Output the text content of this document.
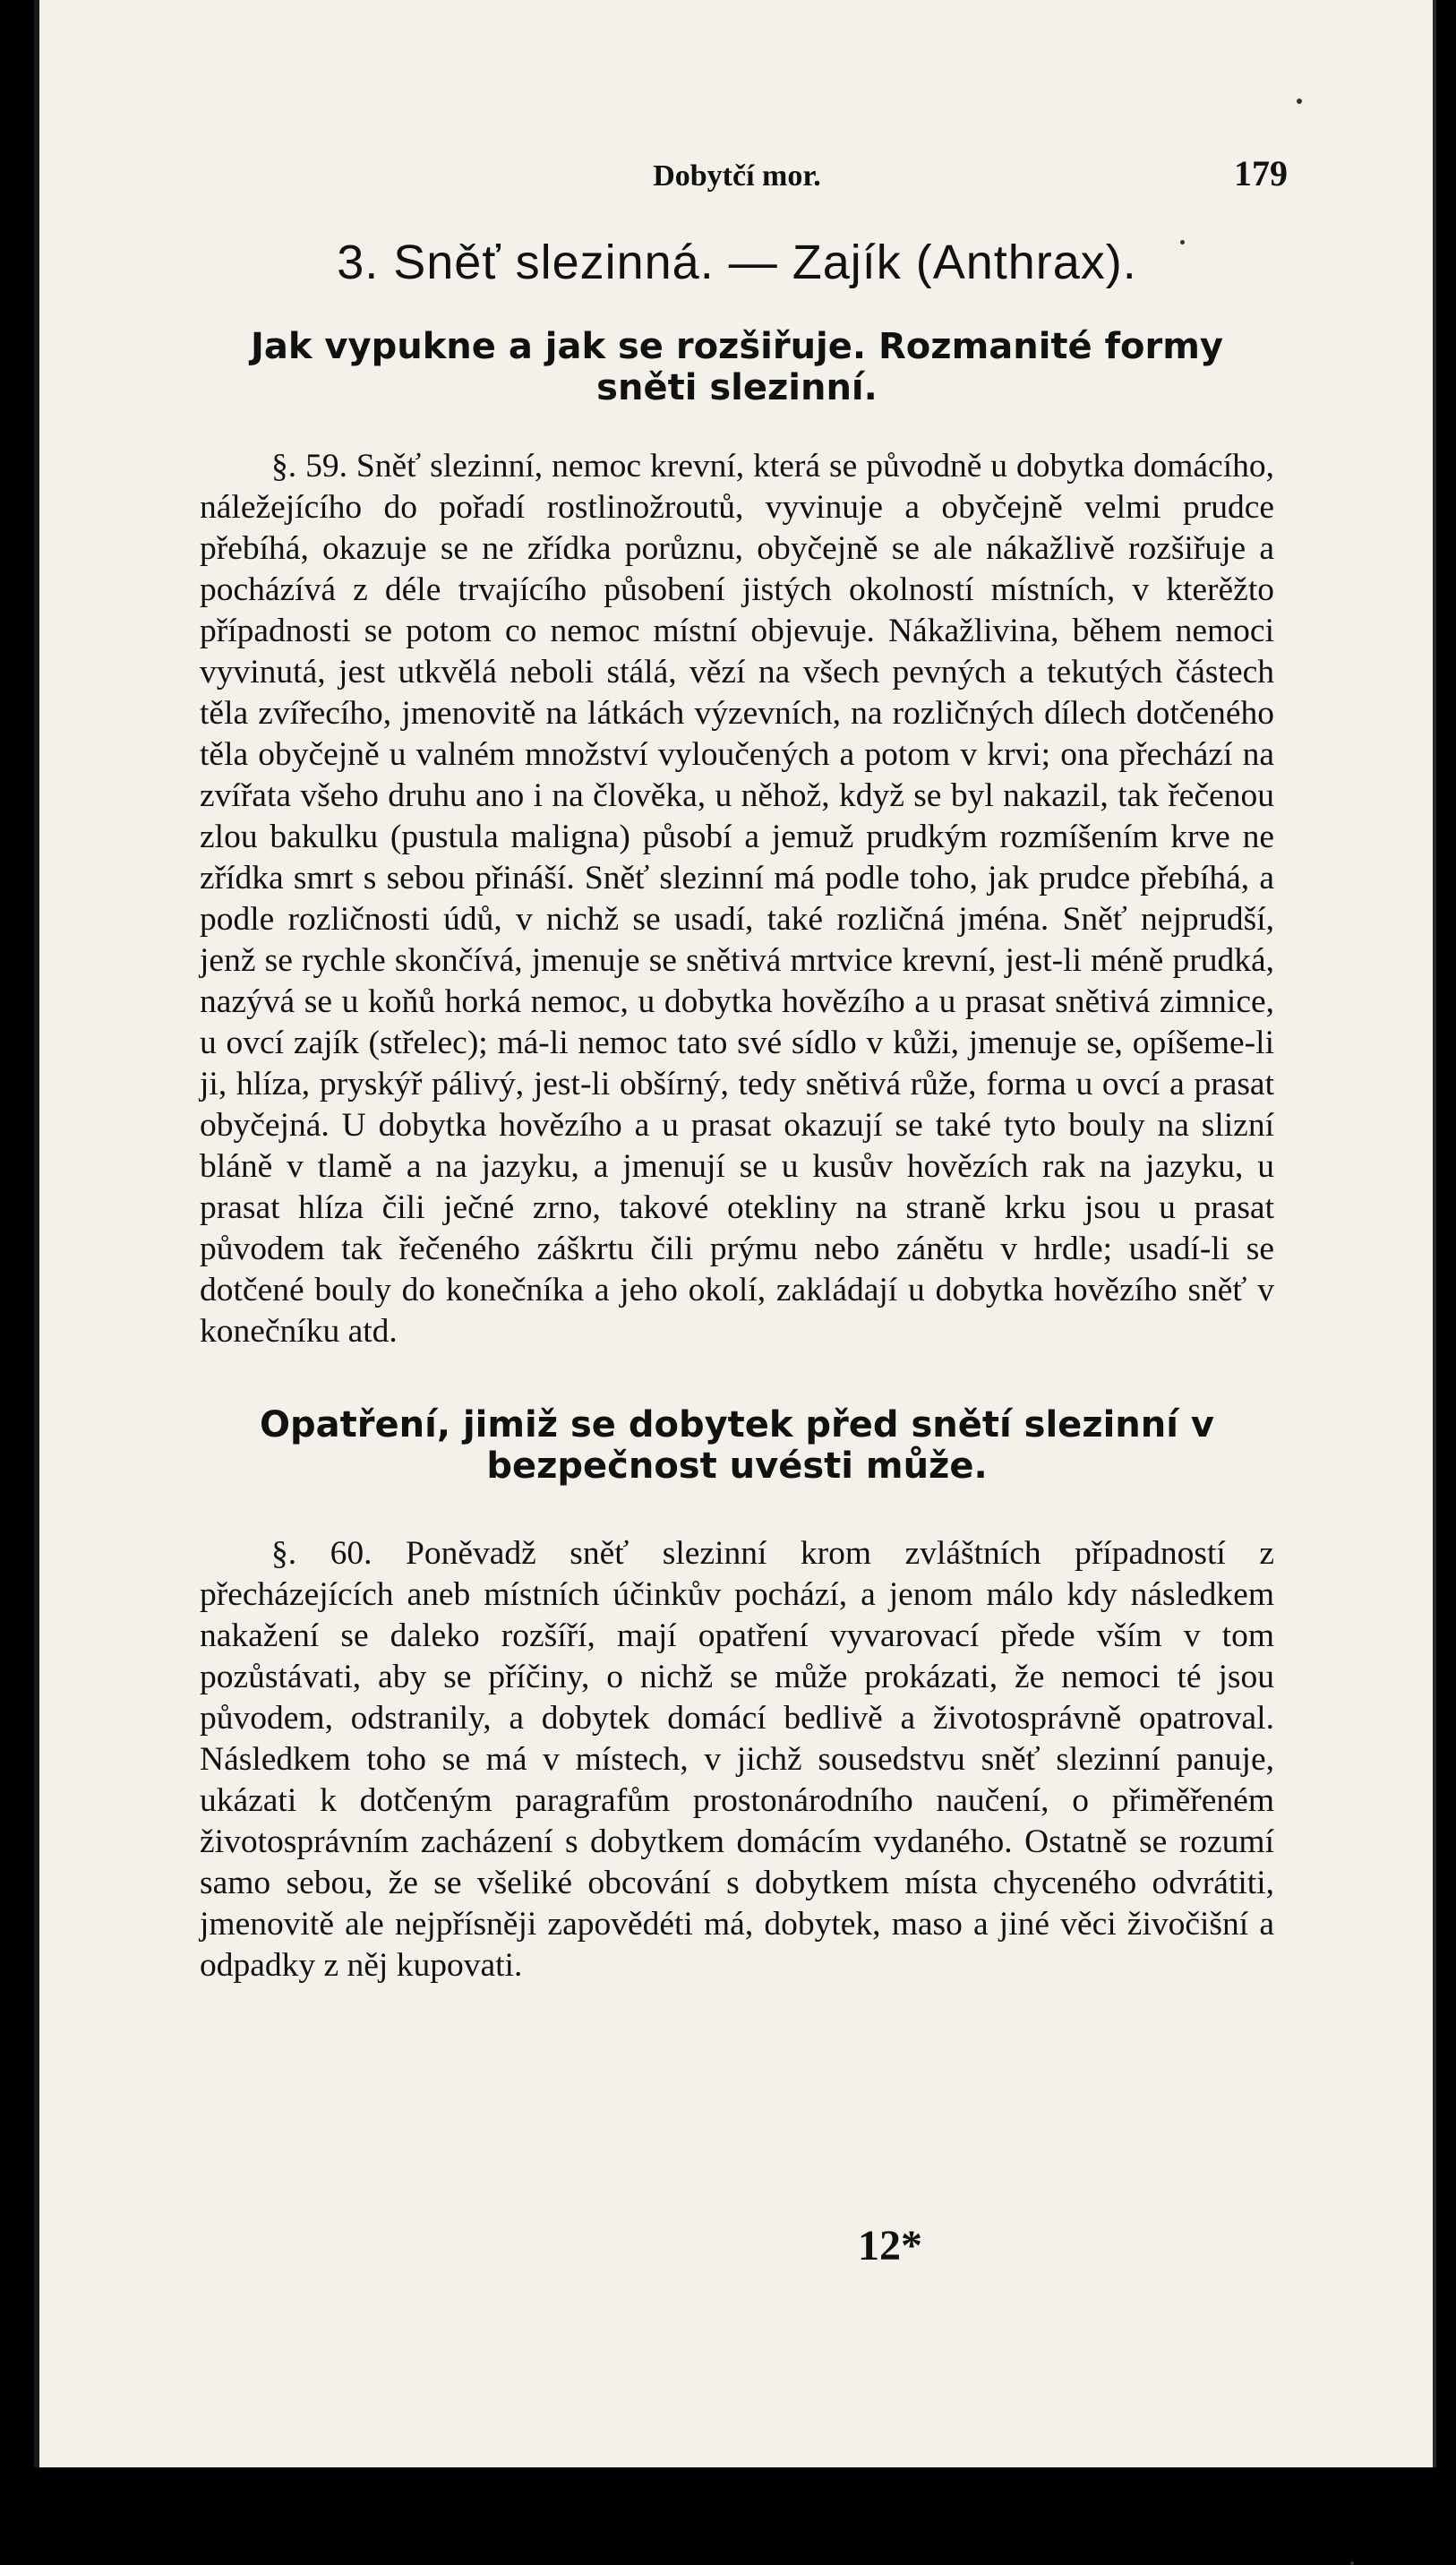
Dobytčí mor.	179
3. Sněť slezinná. — Zajík (Anthrax).
Jak vypukne a jak se rozšiřuje. Rozmanité formy sněti slezinní.

§. 59. Sněť slezinní, nemoc krevní, která se původně u dobytka domácího, náležejícího do pořadí rostlinožroutů, vyvinuje a obyčejně velmi prudce přebíhá, okazuje se ne zřídka porůznu, obyčejně se ale nákažlivě rozšiřuje a pocházívá z déle trvajícího působení jistých okolností místních, v kterěžto případnosti se potom co nemoc místní objevuje. Nákažlivina, během nemoci vyvinutá, jest utkvělá neboli stálá, vězí na všech pevných a tekutých částech těla zvířecího, jmenovitě na látkách výzevních, na rozličných dílech dotčeného těla obyčejně u valném množství vyloučených a potom v krvi; ona přechází na zvířata všeho druhu ano i na člověka, u něhož, když se byl nakazil, tak řečenou zlou bakulku (pustula maligna) působí a jemuž prudkým rozmíšením krve ne zřídka smrt s sebou přináší. Sněť slezinní má podle toho, jak prudce přebíhá, a podle rozličnosti údů, v nichž se usadí, také rozličná jména. Sněť nejprudší, jenž se rychle skončívá, jmenuje se snětivá mrtvice krevní, jest-li méně prudká, nazývá se u koňů horká nemoc, u dobytka hovězího a u prasat snětivá zimnice, u ovcí zajík (střelec); má-li nemoc tato své sídlo v kůži, jmenuje se, opíšeme-li ji, hlíza, pryskýř pálivý, jest-li obšírný, tedy snětivá růže, forma u ovcí a prasat obyčejná. U dobytka hovězího a u prasat okazují se také tyto bouly na slizní bláně v tlamě a na jazyku, a jmenují se u kusův hovězích rak na jazyku, u prasat hlíza čili ječné zrno, takové otekliny na straně krku jsou u prasat původem tak řečeného záškrtu čili prýmu nebo zánětu v hrdle; usadí-li se dotčené bouly do konečníka a jeho okolí, zakládají u dobytka hovězího sněť v konečníku atd.

Opatření, jimiž se dobytek před snětí slezinní v bezpečnost uvésti může.

§. 60. Poněvadž sněť slezinní krom zvláštních případností z přecházejících aneb místních účinkův pochází, a jenom málo kdy následkem nakažení se daleko rozšíří, mají opatření vyvarovací přede vším v tom pozůstávati, aby se příčiny, o nichž se může prokázati, že nemoci té jsou původem, odstranily, a dobytek domácí bedlivě a životosprávně opatroval. Následkem toho se má v místech, v jichž sousedstvu sněť slezinní panuje, ukázati k dotčeným paragrafům prostonárodního naučení, o přiměřeném životosprávním zacházení s dobytkem domácím vydaného. Ostatně se rozumí samo sebou, že se všeliké obcování s dobytkem místa chyceného odvrátiti, jmenovitě ale nejpřísněji zapovědéti má, dobytek, maso a jiné věci živočišní a odpadky z něj kupovati.

12*
